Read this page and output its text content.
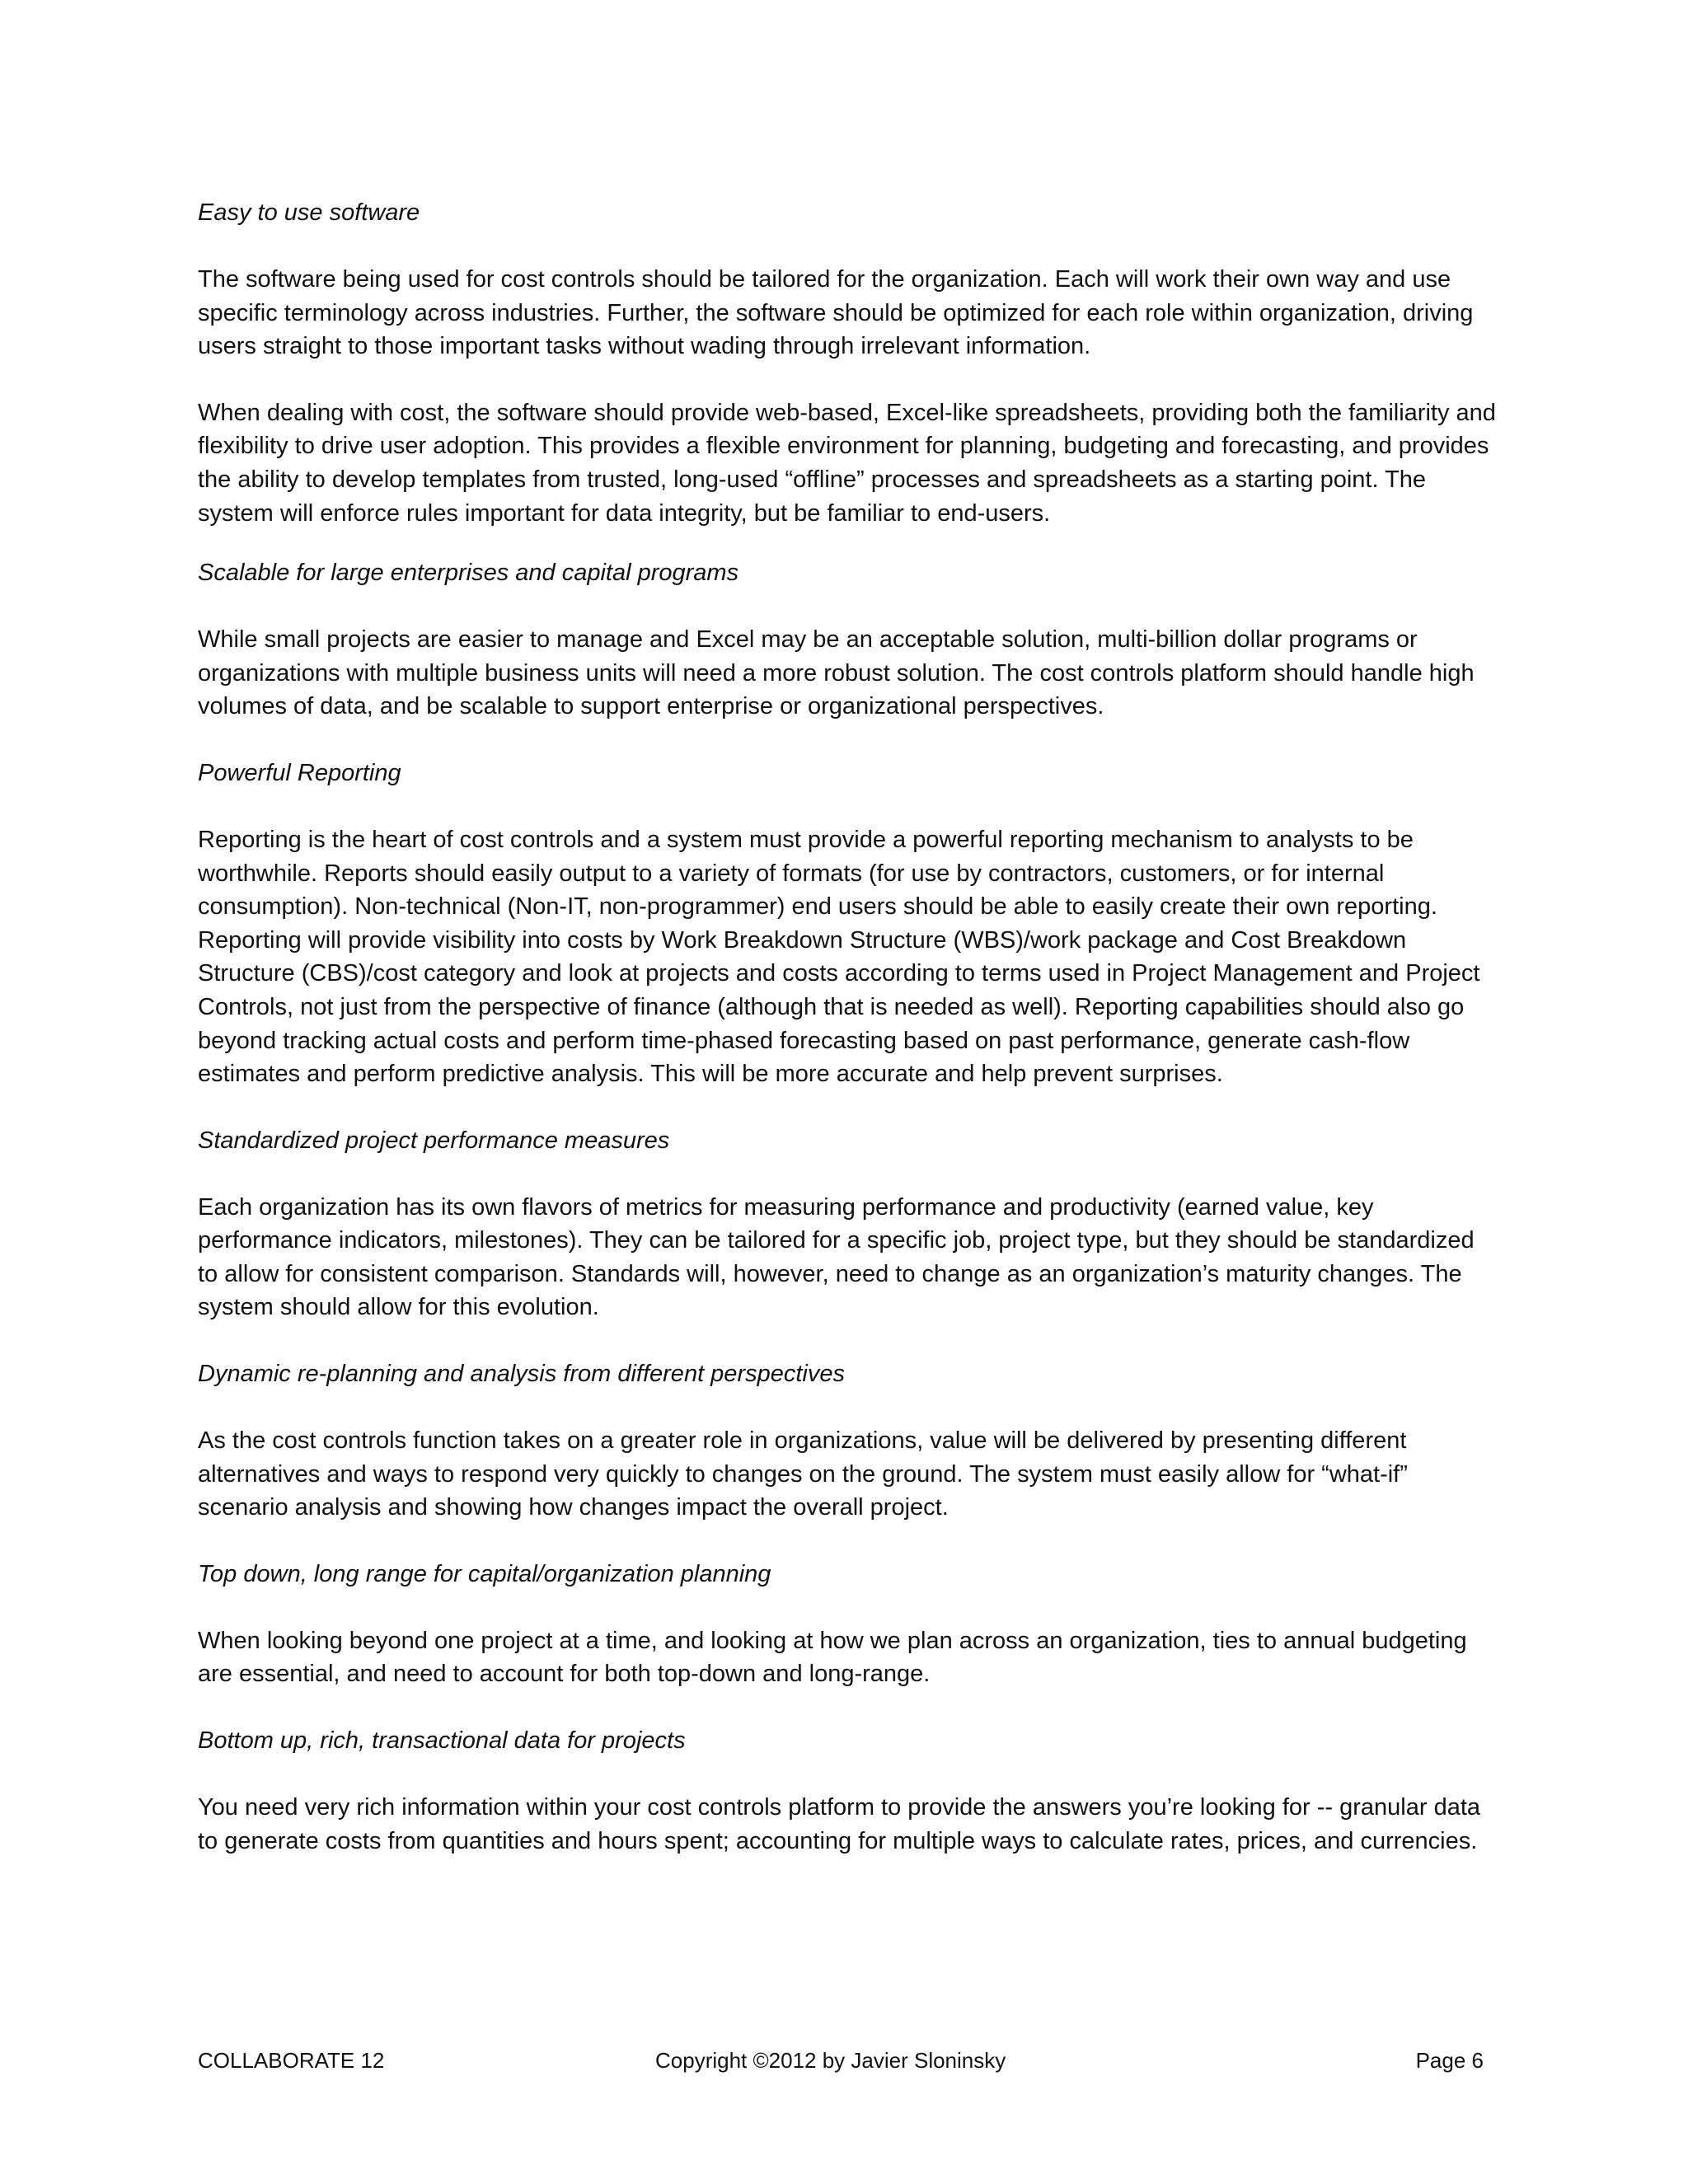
Easy to use software
The software being used for cost controls should be tailored for the organization. Each will work their own way and use specific terminology across industries. Further, the software should be optimized for each role within organization, driving users straight to those important tasks without wading through irrelevant information.
When dealing with cost, the software should provide web-based, Excel-like spreadsheets, providing both the familiarity and flexibility to drive user adoption. This provides a flexible environment for planning, budgeting and forecasting, and provides the ability to develop templates from trusted, long-used “offline” processes and spreadsheets as a starting point. The system will enforce rules important for data integrity, but be familiar to end-users.
Scalable for large enterprises and capital programs
While small projects are easier to manage and Excel may be an acceptable solution, multi-billion dollar programs or organizations with multiple business units will need a more robust solution. The cost controls platform should handle high volumes of data, and be scalable to support enterprise or organizational perspectives.
Powerful Reporting
Reporting is the heart of cost controls and a system must provide a powerful reporting mechanism to analysts to be worthwhile. Reports should easily output to a variety of formats (for use by contractors, customers, or for internal consumption). Non-technical (Non-IT, non-programmer) end users should be able to easily create their own reporting. Reporting will provide visibility into costs by Work Breakdown Structure (WBS)/work package and Cost Breakdown Structure (CBS)/cost category and look at projects and costs according to terms used in Project Management and Project Controls, not just from the perspective of finance (although that is needed as well). Reporting capabilities should also go beyond tracking actual costs and perform time-phased forecasting based on past performance, generate cash-flow estimates and perform predictive analysis. This will be more accurate and help prevent surprises.
Standardized project performance measures
Each organization has its own flavors of metrics for measuring performance and productivity (earned value, key performance indicators, milestones). They can be tailored for a specific job, project type, but they should be standardized to allow for consistent comparison. Standards will, however, need to change as an organization’s maturity changes. The system should allow for this evolution.
Dynamic re-planning and analysis from different perspectives
As the cost controls function takes on a greater role in organizations, value will be delivered by presenting different alternatives and ways to respond very quickly to changes on the ground. The system must easily allow for “what-if” scenario analysis and showing how changes impact the overall project.
Top down, long range for capital/organization planning
When looking beyond one project at a time, and looking at how we plan across an organization, ties to annual budgeting are essential, and need to account for both top-down and long-range.
Bottom up, rich, transactional data for projects
You need very rich information within your cost controls platform to provide the answers you’re looking for -- granular data to generate costs from quantities and hours spent; accounting for multiple ways to calculate rates, prices, and currencies.
COLLABORATE 12	Copyright ©2012 by Javier Sloninsky	Page 6
